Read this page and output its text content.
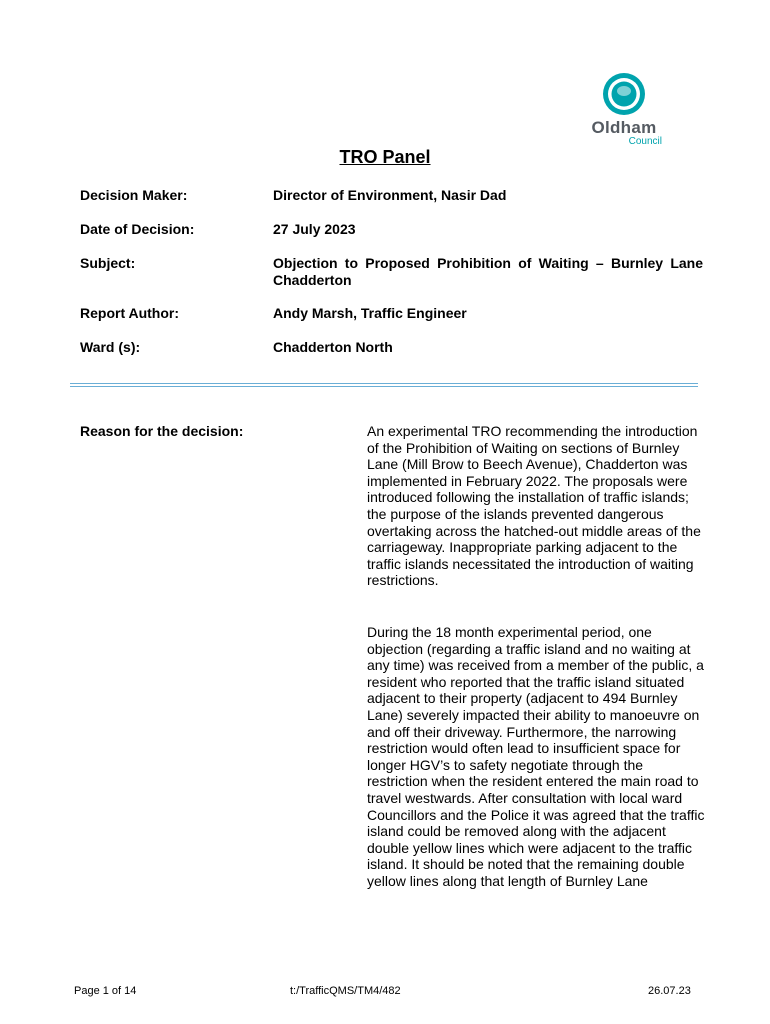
Oldham
Council
TRO Panel
Decision Maker:	Director of Environment, Nasir Dad
Date of Decision:	27 July 2023
Subject:	Objection to Proposed Prohibition of Waiting – Burnley Lane Chadderton
Report Author:	Andy Marsh, Traffic Engineer
Ward (s):	Chadderton North
Reason for the decision:	An experimental TRO recommending the introduction of the Prohibition of Waiting on sections of Burnley Lane (Mill Brow to Beech Avenue), Chadderton was implemented in February 2022. The proposals were introduced following the installation of traffic islands; the purpose of the islands prevented dangerous overtaking across the hatched-out middle areas of the carriageway. Inappropriate parking adjacent to the traffic islands necessitated the introduction of waiting restrictions.

During the 18 month experimental period, one objection (regarding a traffic island and no waiting at any time) was received from a member of the public, a resident who reported that the traffic island situated adjacent to their property (adjacent to 494 Burnley Lane) severely impacted their ability to manoeuvre on and off their driveway. Furthermore, the narrowing restriction would often lead to insufficient space for longer HGV’s to safety negotiate through the restriction when the resident entered the main road to travel westwards. After consultation with local ward Councillors and the Police it was agreed that the traffic island could be removed along with the adjacent double yellow lines which were adjacent to the traffic island. It should be noted that the remaining double yellow lines along that length of Burnley Lane

Page 1 of 14	t:/TrafficQMS/TM4/482	26.07.23
